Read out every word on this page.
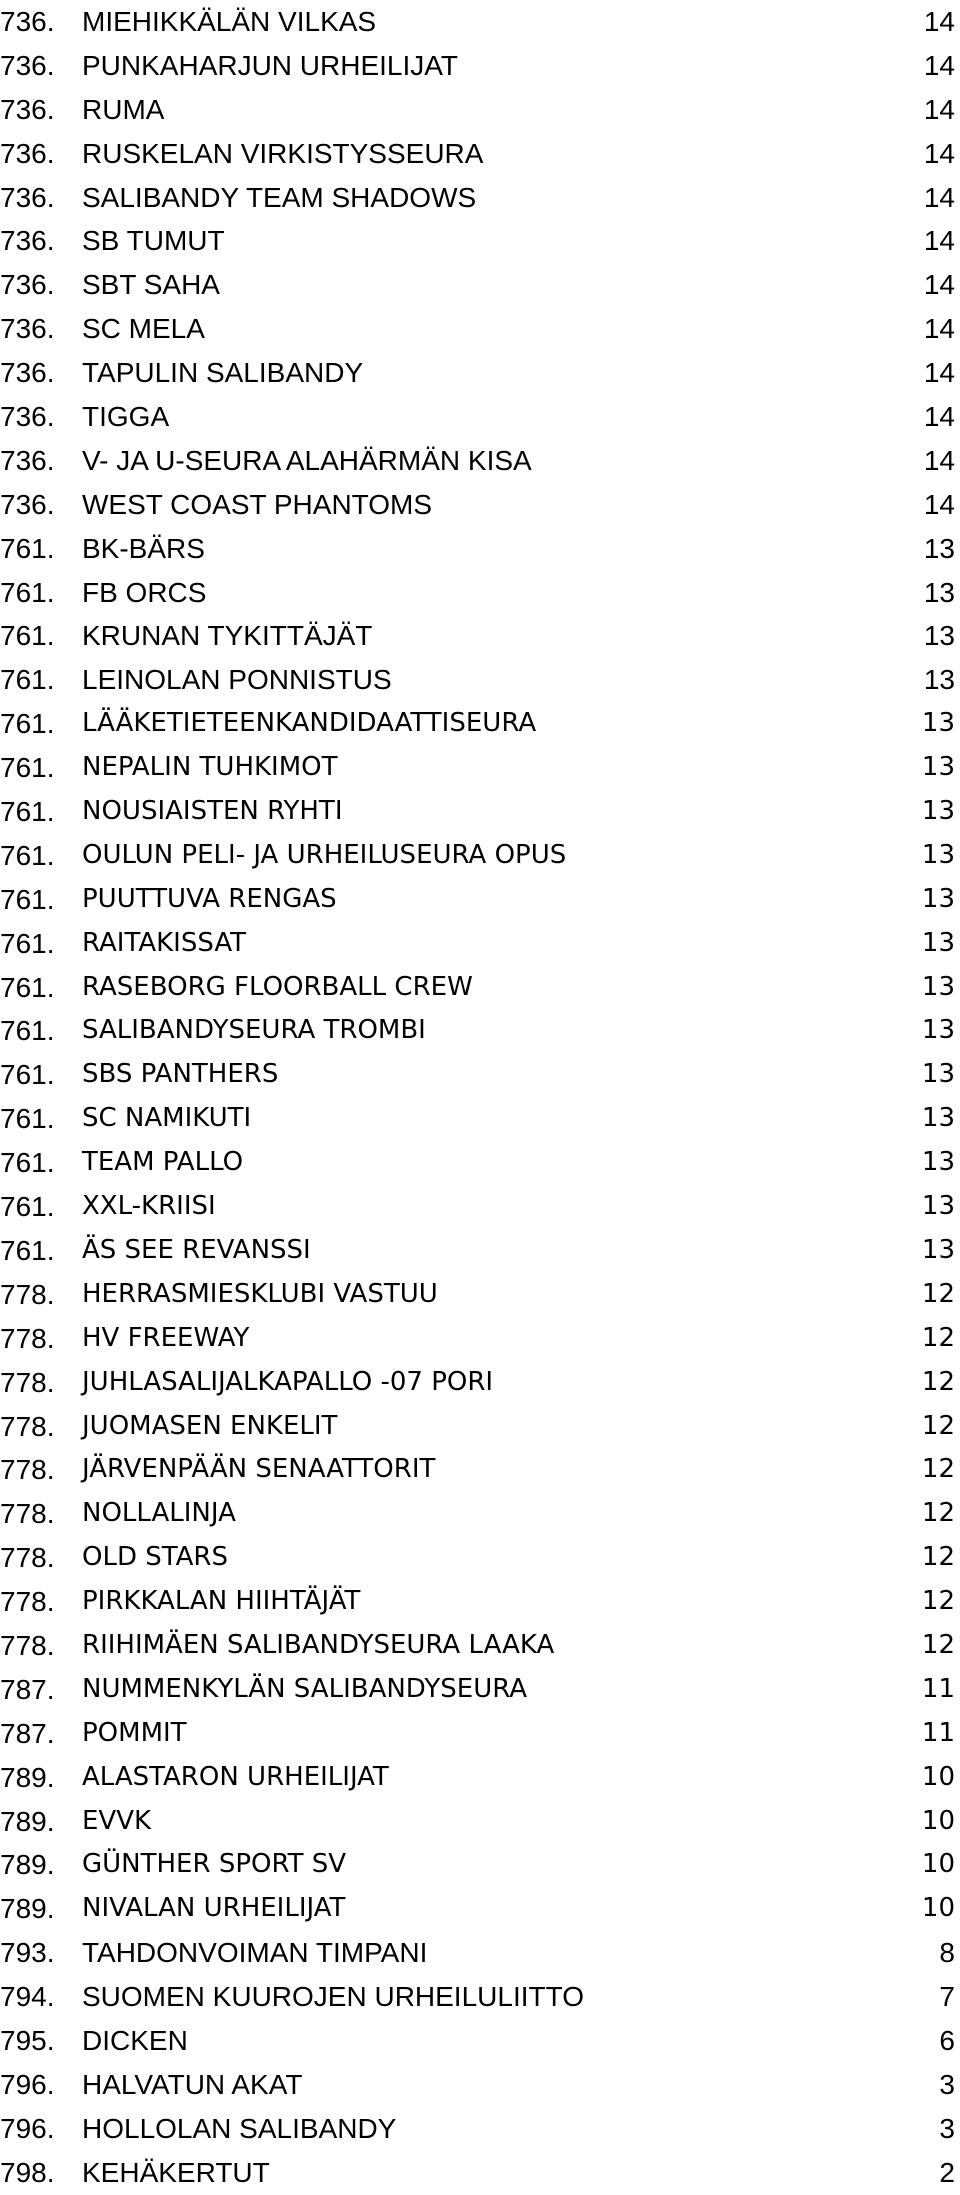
736. MIEHIKKÄLÄN VILKAS	14
736. PUNKAHARJUN URHEILIJAT	14
736. RUMA	14
736. RUSKELAN VIRKISTYSSEURA	14
736. SALIBANDY TEAM SHADOWS	14
736. SB TUMUT	14
736. SBT SAHA	14
736. SC MELA	14
736. TAPULIN SALIBANDY	14
736. TIGGA	14
736. V- JA U-SEURA ALAHÄRMÄN KISA	14
736. WEST COAST PHANTOMS	14
761. BK-BÄRS	13
761. FB ORCS	13
761. KRUNAN TYKITTÄJÄT	13
761. LEINOLAN PONNISTUS	13
761. LÄÄKETIETEENKANDIDAATTISEURA	13
761. NEPALIN TUHKIMOT	13
761. NOUSIAISTEN RYHTI	13
761. OULUN PELI- JA URHEILUSEURA OPUS	13
761. PUUTTUVA RENGAS	13
761. RAITAKISSAT	13
761. RASEBORG FLOORBALL CREW	13
761. SALIBANDYSEURA TROMBI	13
761. SBS PANTHERS	13
761. SC NAMIKUTI	13
761. TEAM PALLO	13
761. XXL-KRIISI	13
761. ÄS SEE REVANSSI	13
778. HERRASMIESKLUBI VASTUU	12
778. HV FREEWAY	12
778. JUHLASALIJALKAPALLO -07 PORI	12
778. JUOMASEN ENKELIT	12
778. JÄRVENPÄÄN SENAATTORIT	12
778. NOLLALINJA	12
778. OLD STARS	12
778. PIRKKALAN HIIHTÄJÄT	12
778. RIIHIMÄEN SALIBANDYSEURA LAAKA	12
787. NUMMENKYLÄN SALIBANDYSEURA	11
787. POMMIT	11
789. ALASTARON URHEILIJAT	10
789. EVVK	10
789. GÜNTHER SPORT SV	10
789. NIVALAN URHEILIJAT	10
793. TAHDONVOIMAN TIMPANI	8
794. SUOMEN KUUROJEN URHEILULIITTO	7
795. DICKEN	6
796. HALVATUN AKAT	3
796. HOLLOLAN SALIBANDY	3
798. KEHÄKERTUT	2
